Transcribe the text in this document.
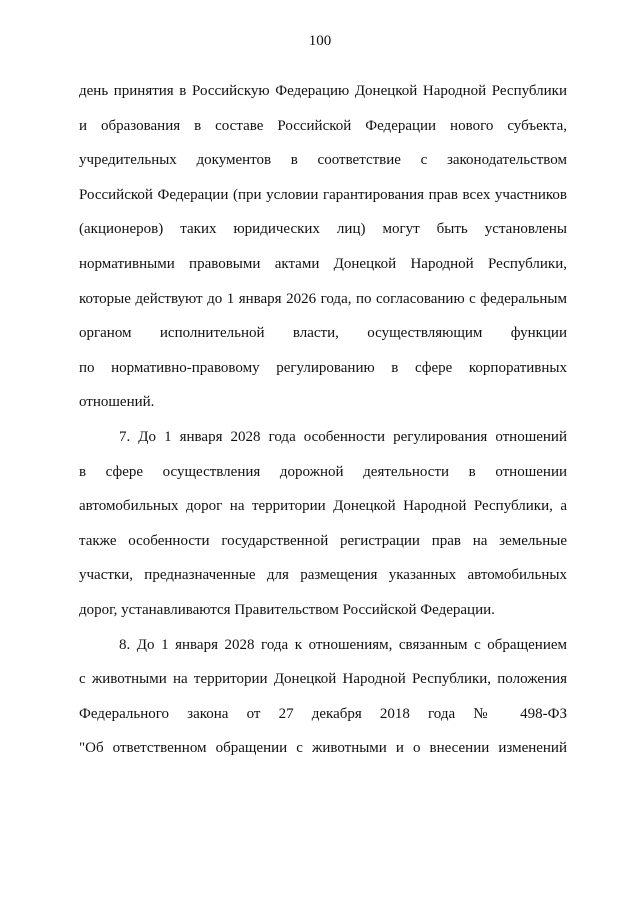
100
день принятия в Российскую Федерацию Донецкой Народной Республики
и образования в составе Российской Федерации нового субъекта,
учредительных документов в соответствие с законодательством
Российской Федерации (при условии гарантирования прав всех участников
(акционеров) таких юридических лиц) могут быть установлены
нормативными правовыми актами Донецкой Народной Республики,
которые действуют до 1 января 2026 года, по согласованию с федеральным
органом исполнительной власти, осуществляющим функции
по нормативно-правовому регулированию в сфере корпоративных
отношений.
7. До 1 января 2028 года особенности регулирования отношений
в сфере осуществления дорожной деятельности в отношении
автомобильных дорог на территории Донецкой Народной Республики, а
также особенности государственной регистрации прав на земельные
участки, предназначенные для размещения указанных автомобильных
дорог, устанавливаются Правительством Российской Федерации.
8. До 1 января 2028 года к отношениям, связанным с обращением
с животными на территории Донецкой Народной Республики, положения
Федерального закона от 27 декабря 2018 года № 498-ФЗ
"Об ответственном обращении с животными и о внесении изменений
